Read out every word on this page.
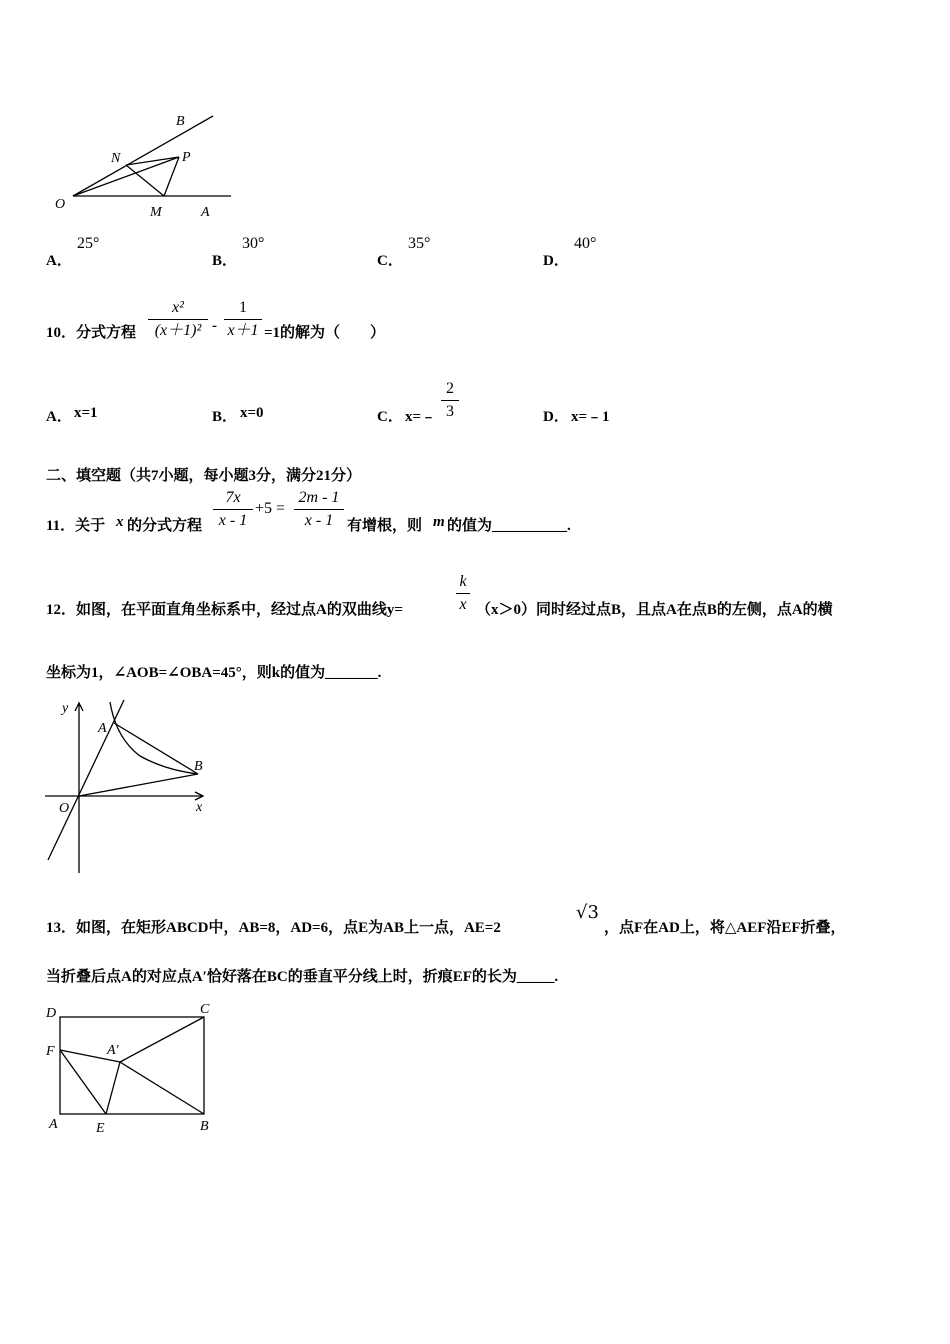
B
N	P
O
M	A
A．
25°
B．
30°
C．
35°
D．
40°
10．分式方程
x²
(x＋1)² -
1
x＋1 =1的解为（　　）
A． x=1	B． x=0	C． x=﹣
2
3	D． x=﹣1
二、填空题（共7小题，每小题3分，满分21分）
11．关于 x 的分式方程
7x
x - 1
+5 =
2m - 1
x - 1 有增根，则 m 的值为__________.
12．如图，在平面直角坐标系中，经过点A的双曲线y=
k
x （x＞0）同时经过点B，且点A在点B的左侧，点A的横
坐标为1，∠AOB=∠OBA=45°，则k的值为_______.
y
A
B
O	x
13．如图，在矩形ABCD中，AB=8，AD=6，点E为AB上一点，AE=2
√3
，点F在AD上，将△AEF沿EF折叠，
当折叠后点A的对应点A′恰好落在BC的垂直平分线上时，折痕EF的长为_____.
D	C
F	A′
A	E	B
